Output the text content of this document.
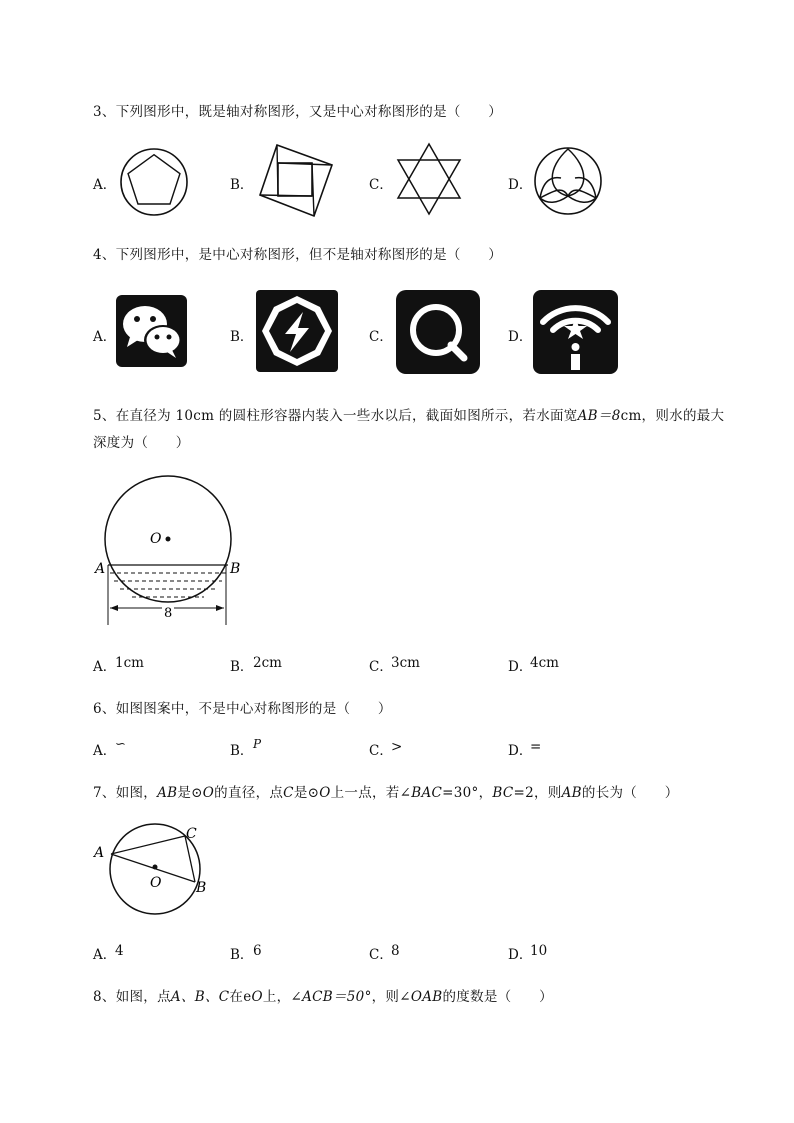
3、下列图形中，既是轴对称图形，又是中心对称图形的是（　　）
A．	B．	C．	D．
4、下列图形中，是中心对称图形，但不是轴对称图形的是（　　）
A．	B．	C．	D．
5、在直径为 10cm 的圆柱形容器内装入一些水以后，截面如图所示，若水面宽AB＝8cm，则水的最大
深度为（　　）
O
A	B
8
A．
1cm	B． 2cm	C．
3cm	D．
4cm
6、如图图案中，不是中心对称图形的是（　　）
A．
∽	B． 𝑃	C．
>	D．
=
7、如图，AB是⊙O的直径，点C是⊙O上一点，若∠BAC=30°，BC=2，则AB的长为（　　）
A
C
B
O
A．
4	B． 6	C．
8	D．
10
8、如图，点A、B、C在eO上，∠ACB＝50°，则∠OAB的度数是（　　）
